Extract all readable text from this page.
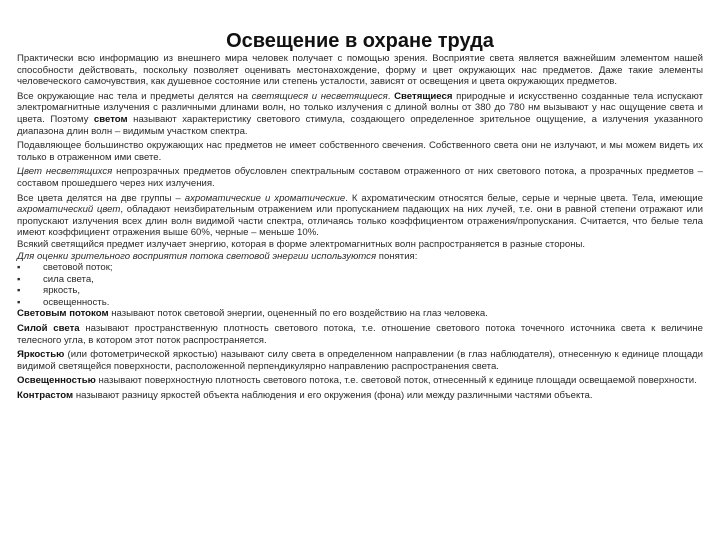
Освещение в охране труда

Практически всю информацию из внешнего мира человек получает с помощью зрения. Восприятие света является важнейшим элементом нашей способности действовать, поскольку позволяет оценивать местонахождение, форму и цвет окружающих нас предметов. Даже такие элементы человеческого самочувствия, как душевное состояние или степень усталости, зависят от освещения и цвета окружающих предметов.

Все окружающие нас тела и предметы делятся на светящиеся и несветящиеся. Светящиеся природные и искусственно созданные тела испускают электромагнитные излучения с различными длинами волн, но только излучения с длиной волны от 380 до 780 нм вызывают у нас ощущение света и цвета. Поэтому светом называют характеристику светового стимула, создающего определенное зрительное ощущение, а излучения указанного диапазона длин волн – видимым участком спектра.

Подавляющее большинство окружающих нас предметов не имеет собственного свечения. Собственного света они не излучают, и мы можем видеть их только в отраженном ими свете.

Цвет несветящихся непрозрачных предметов обусловлен спектральным составом отраженного от них светового потока, а прозрачных предметов – составом прошедшего через них излучения.

Все цвета делятся на две группы – ахроматические и хроматические. К ахроматическим относятся белые, серые и черные цвета. Тела, имеющие ахроматический цвет, обладают неизбирательным отражением или пропусканием падающих на них лучей, т.е. они в равной степени отражают или пропускают излучения всех длин волн видимой части спектра, отличаясь только коэффициентом отражения/пропускания. Считается, что белые тела имеют коэффициент отражения выше 60%, черные – меньше 10%.

Всякий светящийся предмет излучает энергию, которая в форме электромагнитных волн распространяется в разные стороны.

Для оценки зрительного восприятия потока световой энергии используются понятия:

▪ световой поток;

▪ сила света,

▪ яркость,

▪ освещенность.

Световым потоком называют поток световой энергии, оцененный по его воздействию на глаз человека.

Силой света называют пространственную плотность светового потока, т.е. отношение светового потока точечного источника света к величине телесного угла, в котором этот поток распространяется.

Яркостью (или фотометрической яркостью) называют силу света в определенном направлении (в глаз наблюдателя), отнесенную к единице площади видимой светящейся поверхности, расположенной перпендикулярно направлению распространения света.

Освещенностью называют поверхностную плотность светового потока, т.е. световой поток, отнесенный к единице площади освещаемой поверхности.

Контрастом называют разницу яркостей объекта наблюдения и его окружения (фона) или между различными частями объекта.
